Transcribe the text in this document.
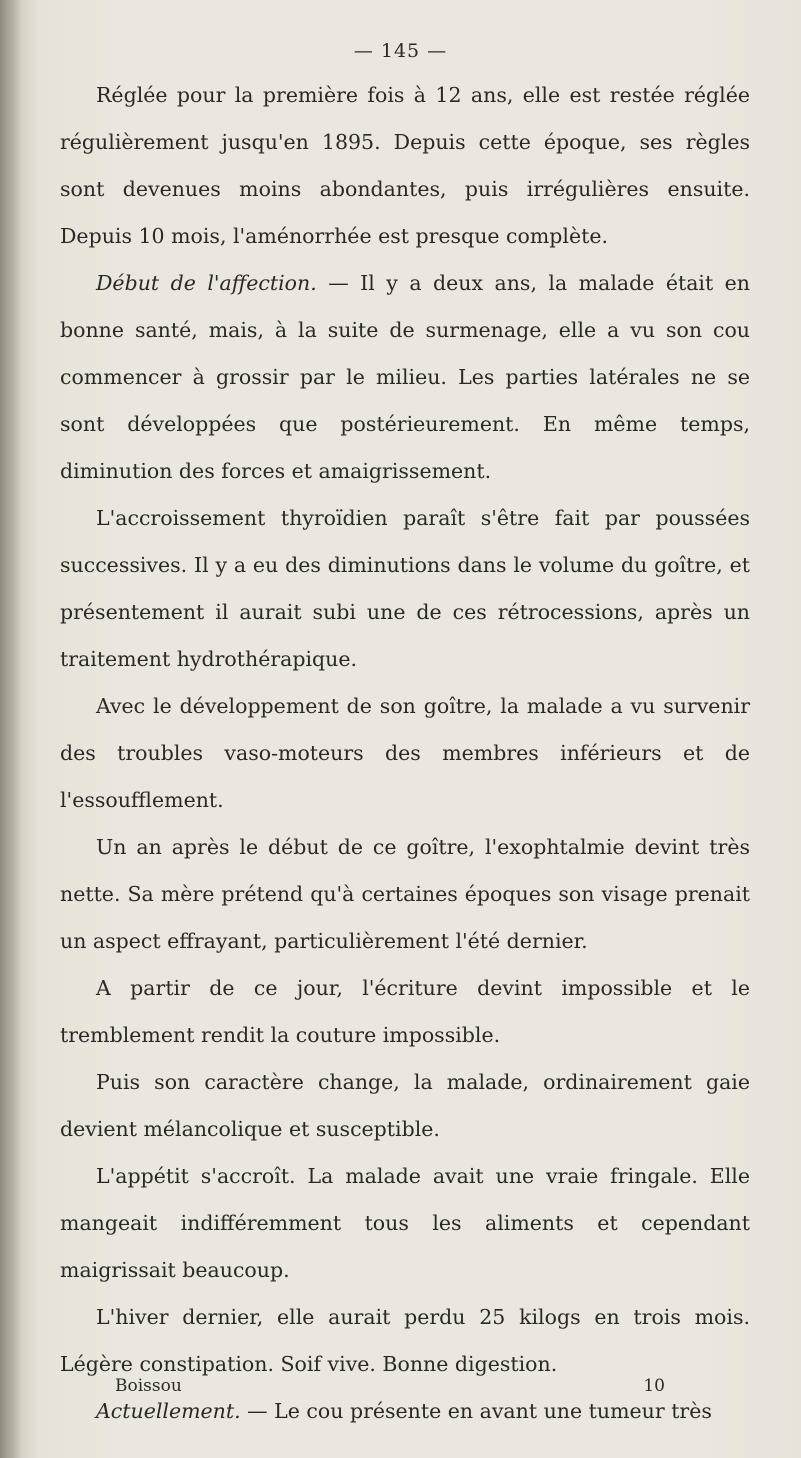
— 145 —

Réglée pour la première fois à 12 ans, elle est restée réglée régulièrement jusqu'en 1895. Depuis cette époque, ses règles sont devenues moins abondantes, puis irrégulières ensuite. Depuis 10 mois, l'aménorrhée est presque complète.

Début de l'affection. — Il y a deux ans, la malade était en bonne santé, mais, à la suite de surmenage, elle a vu son cou commencer à grossir par le milieu. Les parties latérales ne se sont développées que postérieurement. En même temps, diminution des forces et amaigrissement.

L'accroissement thyroïdien paraît s'être fait par poussées successives. Il y a eu des diminutions dans le volume du goître, et présentement il aurait subi une de ces rétrocessions, après un traitement hydrothérapique.

Avec le développement de son goître, la malade a vu survenir des troubles vaso-moteurs des membres inférieurs et de l'essoufflement.

Un an après le début de ce goître, l'exophtalmie devint très nette. Sa mère prétend qu'à certaines époques son visage prenait un aspect effrayant, particulièrement l'été dernier.

A partir de ce jour, l'écriture devint impossible et le tremblement rendit la couture impossible.

Puis son caractère change, la malade, ordinairement gaie devient mélancolique et susceptible.

L'appétit s'accroît. La malade avait une vraie fringale. Elle mangeait indifféremment tous les aliments et cependant maigrissait beaucoup.

L'hiver dernier, elle aurait perdu 25 kilogs en trois mois. Légère constipation. Soif vive. Bonne digestion.

Actuellement. — Le cou présente en avant une tumeur très

Boissou	10
